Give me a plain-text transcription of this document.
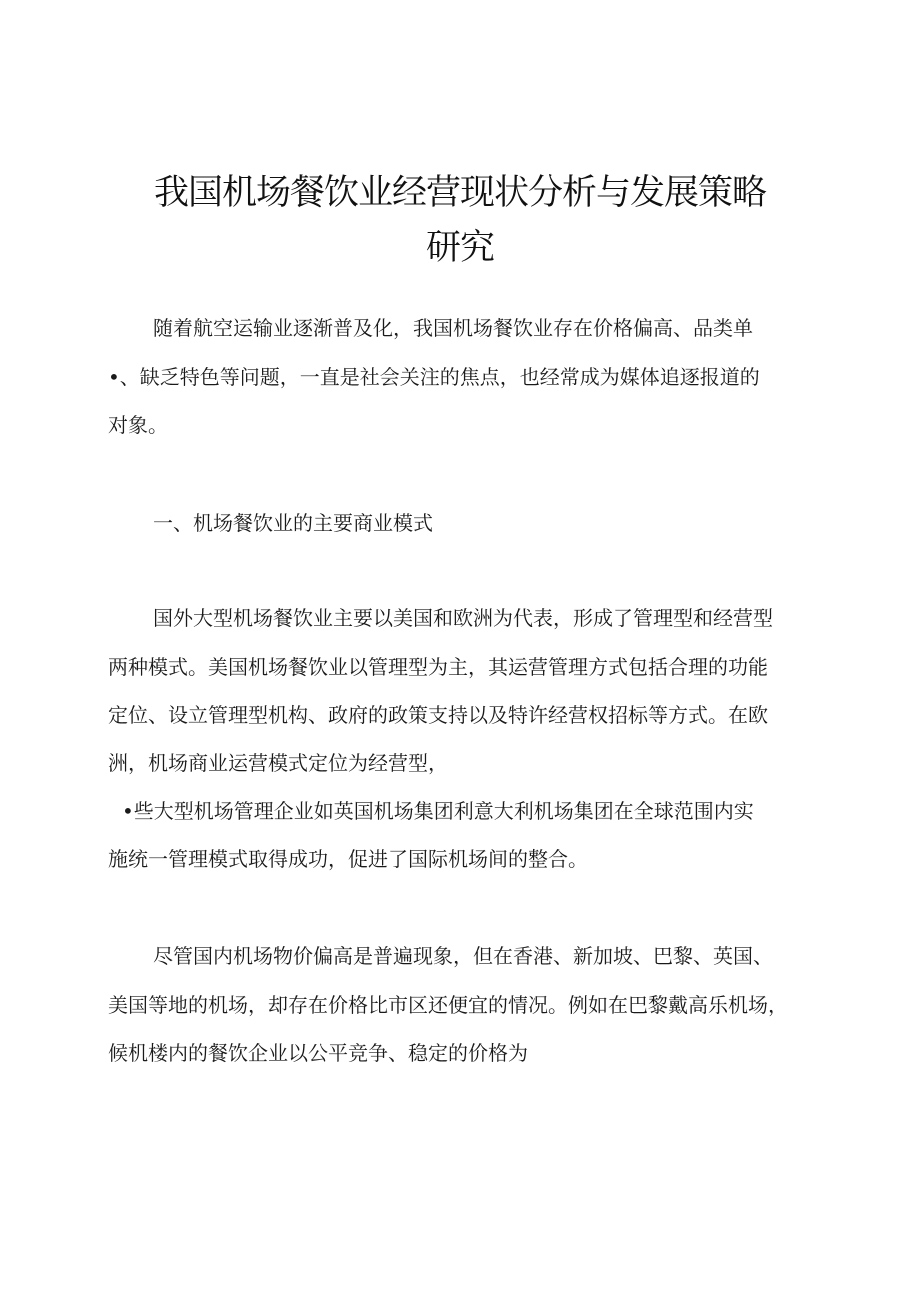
我国机场餐饮业经营现状分析与发展策略
研究
随着航空运输业逐渐普及化，我国机场餐饮业存在价格偏高、品类单
•、缺乏特色等问题，一直是社会关注的焦点，也经常成为媒体追逐报道的
对象。
一、机场餐饮业的主要商业模式
国外大型机场餐饮业主要以美国和欧洲为代表，形成了管理型和经营型
两种模式。美国机场餐饮业以管理型为主，其运营管理方式包括合理的功能
定位、设立管理型机构、政府的政策支持以及特许经营权招标等方式。在欧
洲，机场商业运营模式定位为经营型，
•些大型机场管理企业如英国机场集团利意大利机场集团在全球范围内实
施统一管理模式取得成功，促进了国际机场间的整合。
尽管国内机场物价偏高是普遍现象，但在香港、新加坡、巴黎、英国、
美国等地的机场，却存在价格比市区还便宜的情况。例如在巴黎戴高乐机场，
候机楼内的餐饮企业以公平竞争、稳定的价格为
